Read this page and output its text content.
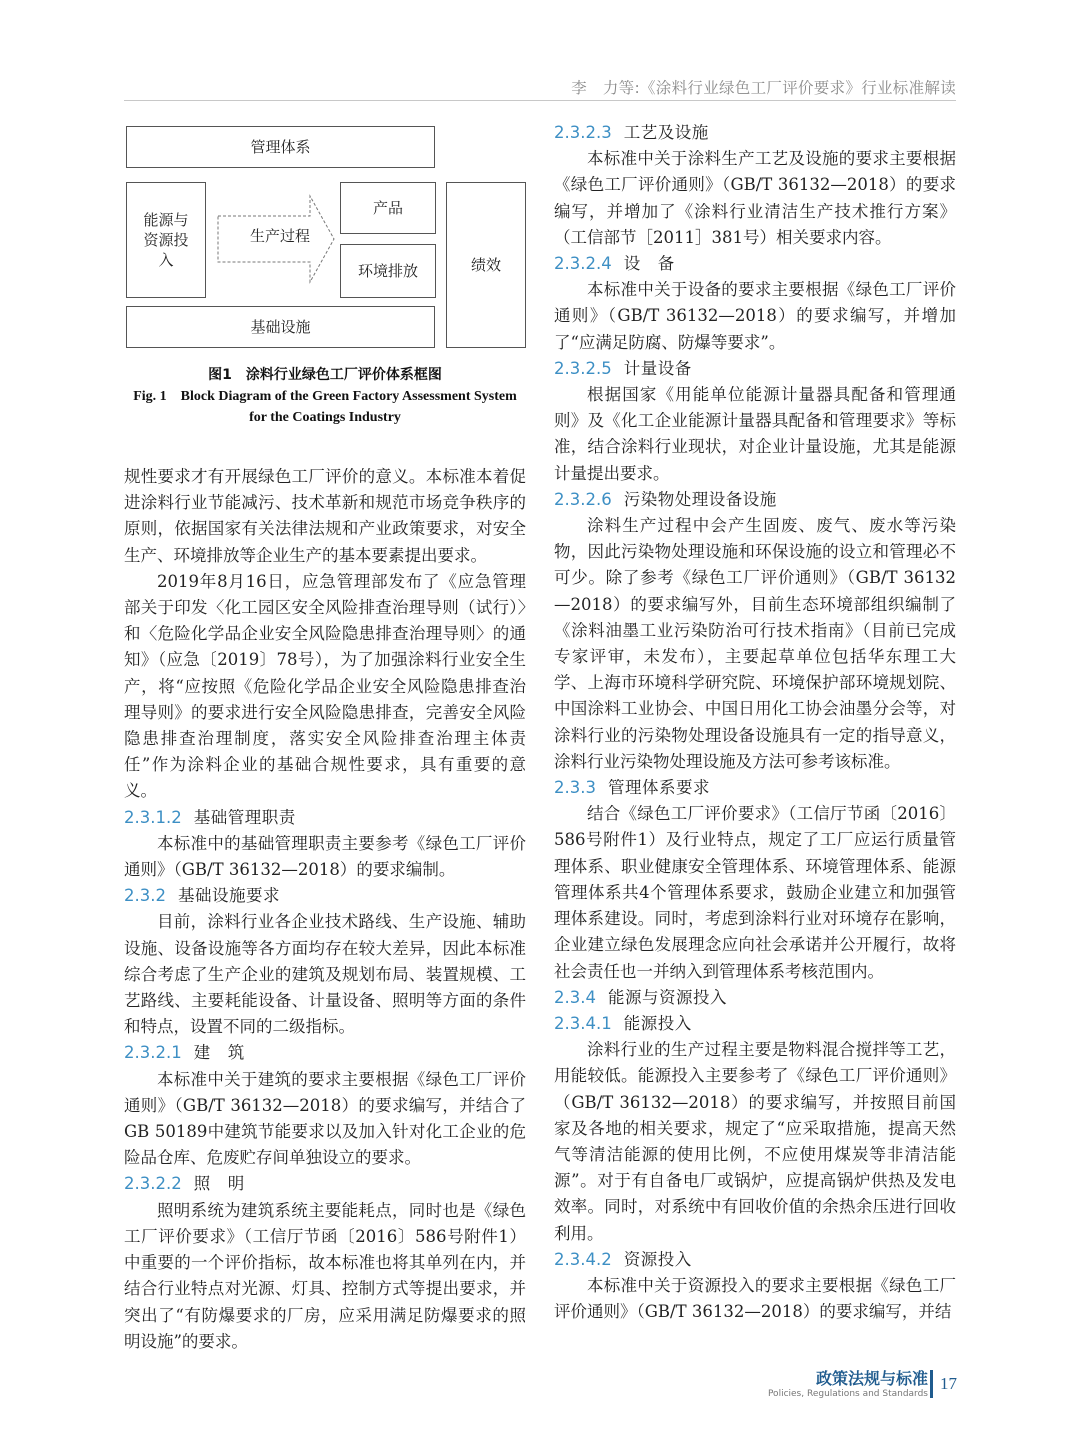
李　力等:《涂料行业绿色工厂评价要求》行业标准解读
管理体系
能源与资源投入
生产过程
产品
环境排放	绩效
基础设施
图1　涂料行业绿色工厂评价体系框图
Fig. 1　Block Diagram of the Green Factory Assessment System for the Coatings Industry

规性要求才有开展绿色工厂评价的意义。本标准本着促进涂料行业节能减污、技术革新和规范市场竞争秩序的原则，依据国家有关法律法规和产业政策要求，对安全生产、环境排放等企业生产的基本要素提出要求。

2019年8月16日，应急管理部发布了《应急管理部关于印发〈化工园区安全风险排查治理导则（试行）〉和〈危险化学品企业安全风险隐患排查治理导则〉的通知》（应急〔2019〕78号），为了加强涂料行业安全生产，将“应按照《危险化学品企业安全风险隐患排查治理导则》的要求进行安全风险隐患排查，完善安全风险隐患排查治理制度，落实安全风险排查治理主体责任”作为涂料企业的基础合规性要求，具有重要的意义。

2.3.1.2 基础管理职责

本标准中的基础管理职责主要参考《绿色工厂评价通则》（GB/T 36132—2018）的要求编制。

2.3.2 基础设施要求

目前，涂料行业各企业技术路线、生产设施、辅助设施、设备设施等各方面均存在较大差异，因此本标准综合考虑了生产企业的建筑及规划布局、装置规模、工艺路线、主要耗能设备、计量设备、照明等方面的条件和特点，设置不同的二级指标。

2.3.2.1 建　筑

本标准中关于建筑的要求主要根据《绿色工厂评价通则》（GB/T 36132—2018）的要求编写，并结合了GB 50189中建筑节能要求以及加入针对化工企业的危险品仓库、危废贮存间单独设立的要求。

2.3.2.2 照　明

照明系统为建筑系统主要能耗点，同时也是《绿色工厂评价要求》（工信厅节函〔2016〕586号附件1）中重要的一个评价指标，故本标准也将其单列在内，并结合行业特点对光源、灯具、控制方式等提出要求，并突出了“有防爆要求的厂房，应采用满足防爆要求的照明设施”的要求。

2.3.2.3 工艺及设施

本标准中关于涂料生产工艺及设施的要求主要根据《绿色工厂评价通则》（GB/T 36132—2018）的要求编写，并增加了《涂料行业清洁生产技术推行方案》（工信部节［2011］381号）相关要求内容。

2.3.2.4 设　备

本标准中关于设备的要求主要根据《绿色工厂评价通则》（GB/T 36132—2018）的要求编写，并增加了“应满足防腐、防爆等要求”。

2.3.2.5 计量设备

根据国家《用能单位能源计量器具配备和管理通则》及《化工企业能源计量器具配备和管理要求》等标准，结合涂料行业现状，对企业计量设施，尤其是能源计量提出要求。

2.3.2.6 污染物处理设备设施

涂料生产过程中会产生固废、废气、废水等污染物，因此污染物处理设施和环保设施的设立和管理必不可少。除了参考《绿色工厂评价通则》（GB/T 36132—2018）的要求编写外，目前生态环境部组织编制了《涂料油墨工业污染防治可行技术指南》（目前已完成专家评审，未发布），主要起草单位包括华东理工大学、上海市环境科学研究院、环境保护部环境规划院、中国涂料工业协会、中国日用化工协会油墨分会等，对涂料行业的污染物处理设备设施具有一定的指导意义，涂料行业污染物处理设施及方法可参考该标准。

2.3.3 管理体系要求

结合《绿色工厂评价要求》（工信厅节函〔2016〕586号附件1）及行业特点，规定了工厂应运行质量管理体系、职业健康安全管理体系、环境管理体系、能源管理体系共4个管理体系要求，鼓励企业建立和加强管理体系建设。同时，考虑到涂料行业对环境存在影响，企业建立绿色发展理念应向社会承诺并公开履行，故将社会责任也一并纳入到管理体系考核范围内。

2.3.4 能源与资源投入
2.3.4.1 能源投入

涂料行业的生产过程主要是物料混合搅拌等工艺，用能较低。能源投入主要参考了《绿色工厂评价通则》（GB/T 36132—2018）的要求编写，并按照目前国家及各地的相关要求，规定了“应采取措施，提高天然气等清洁能源的使用比例，不应使用煤炭等非清洁能源”。对于有自备电厂或锅炉，应提高锅炉供热及发电效率。同时，对系统中有回收价值的余热余压进行回收利用。

2.3.4.2 资源投入

本标准中关于资源投入的要求主要根据《绿色工厂评价通则》（GB/T 36132—2018）的要求编写，并结

政策法规与标准
Policies, Regulations and Standards
17
